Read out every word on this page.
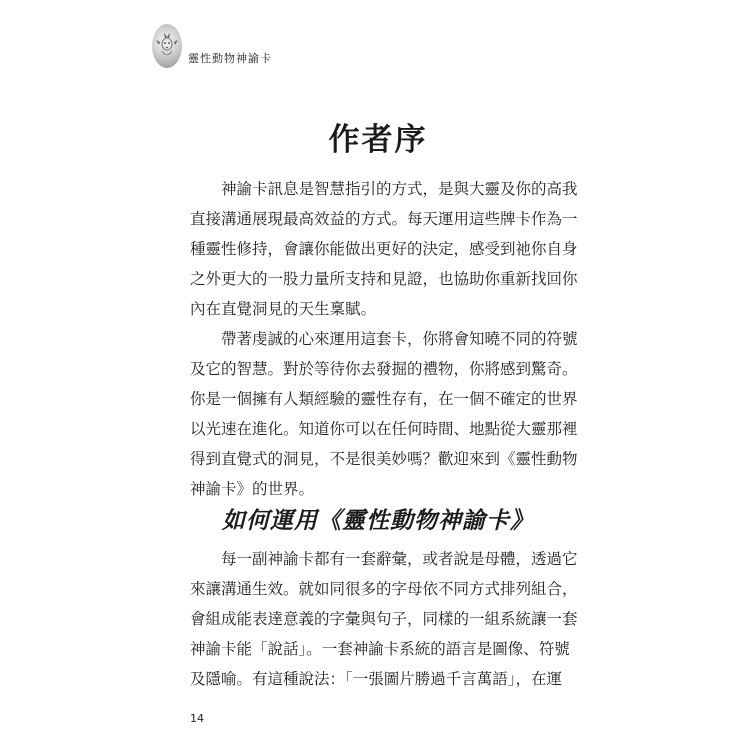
靈性動物神諭卡
作者序
神諭卡訊息是智慧指引的方式，是與大靈及你的高我
直接溝通展現最高效益的方式。每天運用這些牌卡作為一
種靈性修持，會讓你能做出更好的決定，感受到祂你自身
之外更大的一股力量所支持和見證，也協助你重新找回你
內在直覺洞見的天生稟賦。
帶著虔誠的心來運用這套卡，你將會知曉不同的符號
及它的智慧。對於等待你去發掘的禮物，你將感到驚奇。
你是一個擁有人類經驗的靈性存有，在一個不確定的世界
以光速在進化。知道你可以在任何時間、地點從大靈那裡
得到直覺式的洞見，不是很美妙嗎？歡迎來到《靈性動物
神諭卡》的世界。
如何運用《靈性動物神諭卡》
每一副神諭卡都有一套辭彙，或者說是母體，透過它
來讓溝通生效。就如同很多的字母依不同方式排列組合，
會組成能表達意義的字彙與句子，同樣的一組系統讓一套
神諭卡能「說話」。一套神諭卡系統的語言是圖像、符號
及隱喻。有這種說法：「一張圖片勝過千言萬語」，在運
14
